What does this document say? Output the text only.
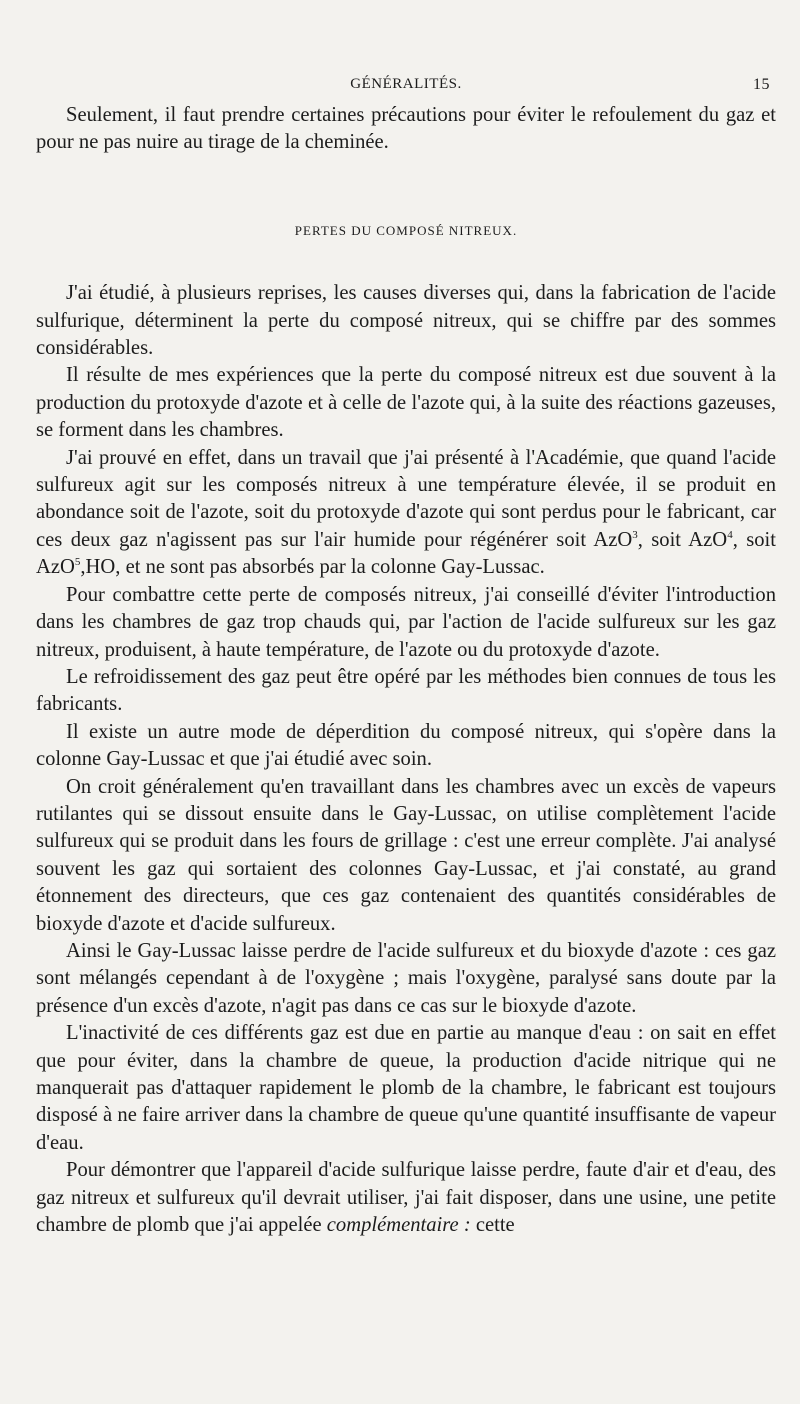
GÉNÉRALITÉS.	15

Seulement, il faut prendre certaines précautions pour éviter le refoulement du gaz et pour ne pas nuire au tirage de la cheminée.

PERTES DU COMPOSÉ NITREUX.

J'ai étudié, à plusieurs reprises, les causes diverses qui, dans la fabrication de l'acide sulfurique, déterminent la perte du composé nitreux, qui se chiffre par des sommes considérables.

Il résulte de mes expériences que la perte du composé nitreux est due souvent à la production du protoxyde d'azote et à celle de l'azote qui, à la suite des réactions gazeuses, se forment dans les chambres.

J'ai prouvé en effet, dans un travail que j'ai présenté à l'Académie, que quand l'acide sulfureux agit sur les composés nitreux à une température élevée, il se produit en abondance soit de l'azote, soit du protoxyde d'azote qui sont perdus pour le fabricant, car ces deux gaz n'agissent pas sur l'air humide pour régénérer soit AzO$^3$, soit AzO$^4$, soit AzO$^5$,HO, et ne sont pas absorbés par la colonne Gay-Lussac.

Pour combattre cette perte de composés nitreux, j'ai conseillé d'éviter l'introduction dans les chambres de gaz trop chauds qui, par l'action de l'acide sulfureux sur les gaz nitreux, produisent, à haute température, de l'azote ou du protoxyde d'azote.

Le refroidissement des gaz peut être opéré par les méthodes bien connues de tous les fabricants.

Il existe un autre mode de déperdition du composé nitreux, qui s'opère dans la colonne Gay-Lussac et que j'ai étudié avec soin.

On croit généralement qu'en travaillant dans les chambres avec un excès de vapeurs rutilantes qui se dissout ensuite dans le Gay-Lussac, on utilise complètement l'acide sulfureux qui se produit dans les fours de grillage : c'est une erreur complète. J'ai analysé souvent les gaz qui sortaient des colonnes Gay-Lussac, et j'ai constaté, au grand étonnement des directeurs, que ces gaz contenaient des quantités considérables de bioxyde d'azote et d'acide sulfureux.

Ainsi le Gay-Lussac laisse perdre de l'acide sulfureux et du bioxyde d'azote : ces gaz sont mélangés cependant à de l'oxygène ; mais l'oxygène, paralysé sans doute par la présence d'un excès d'azote, n'agit pas dans ce cas sur le bioxyde d'azote.

L'inactivité de ces différents gaz est due en partie au manque d'eau : on sait en effet que pour éviter, dans la chambre de queue, la production d'acide nitrique qui ne manquerait pas d'attaquer rapidement le plomb de la chambre, le fabricant est toujours disposé à ne faire arriver dans la chambre de queue qu'une quantité insuffisante de vapeur d'eau.

Pour démontrer que l'appareil d'acide sulfurique laisse perdre, faute d'air et d'eau, des gaz nitreux et sulfureux qu'il devrait utiliser, j'ai fait disposer, dans une usine, une petite chambre de plomb que j'ai appelée complémentaire : cette
